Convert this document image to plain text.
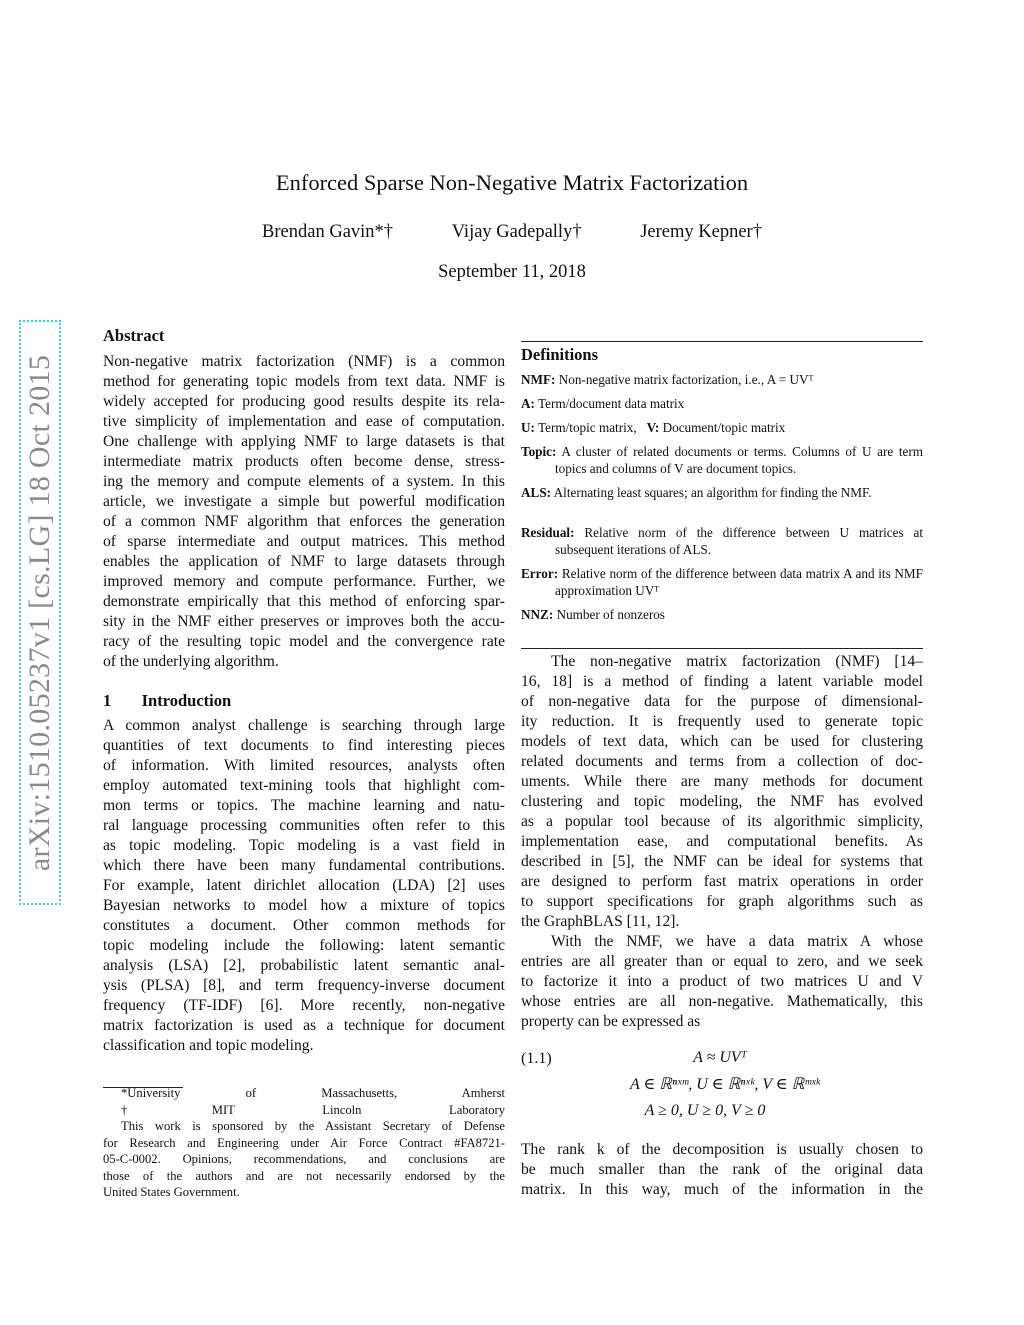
arXiv:1510.05237v1 [cs.LG] 18 Oct 2015
Enforced Sparse Non-Negative Matrix Factorization
Brendan Gavin*†	Vijay Gadepally†	Jeremy Kepner†
September 11, 2018
Abstract
Non-negative matrix factorization (NMF) is a common
method for generating topic models from text data. NMF is
widely accepted for producing good results despite its rela-
tive simplicity of implementation and ease of computation.
One challenge with applying NMF to large datasets is that
intermediate matrix products often become dense, stress-
ing the memory and compute elements of a system. In this
article, we investigate a simple but powerful modification
of a common NMF algorithm that enforces the generation
of sparse intermediate and output matrices. This method
enables the application of NMF to large datasets through
improved memory and compute performance. Further, we
demonstrate empirically that this method of enforcing spar-
sity in the NMF either preserves or improves both the accu-
racy of the resulting topic model and the convergence rate
of the underlying algorithm.
1   Introduction
A common analyst challenge is searching through large
quantities of text documents to find interesting pieces
of information. With limited resources, analysts often
employ automated text-mining tools that highlight com-
mon terms or topics. The machine learning and natu-
ral language processing communities often refer to this
as topic modeling. Topic modeling is a vast field in
which there have been many fundamental contributions.
For example, latent dirichlet allocation (LDA) [2] uses
Bayesian networks to model how a mixture of topics
constitutes a document. Other common methods for
topic modeling include the following: latent semantic
analysis (LSA) [2], probabilistic latent semantic anal-
ysis (PLSA) [8], and term frequency-inverse document
frequency (TF-IDF) [6]. More recently, non-negative
matrix factorization is used as a technique for document
classification and topic modeling.
*University of Massachusetts, Amherst
†MIT Lincoln Laboratory
This work is sponsored by the Assistant Secretary of Defense
for Research and Engineering under Air Force Contract #FA8721-
05-C-0002. Opinions, recommendations, and conclusions are
those of the authors and are not necessarily endorsed by the
United States Government.
Definitions
NMF: Non-negative matrix factorization, i.e., A = UVᵀ
A: Term/document data matrix
U: Term/topic matrix, V: Document/topic matrix
Topic: A cluster of related documents or terms. Columns of U are term topics and columns of V are document topics.
ALS: Alternating least squares; an algorithm for finding the NMF.
Residual: Relative norm of the difference between U matrices at subsequent iterations of ALS.
Error: Relative norm of the difference between data matrix A and its NMF approximation UVᵀ
NNZ: Number of nonzeros
The non-negative matrix factorization (NMF) [14–
16, 18] is a method of finding a latent variable model
of non-negative data for the purpose of dimensional-
ity reduction. It is frequently used to generate topic
models of text data, which can be used for clustering
related documents and terms from a collection of doc-
uments. While there are many methods for document
clustering and topic modeling, the NMF has evolved
as a popular tool because of its algorithmic simplicity,
implementation ease, and computational benefits. As
described in [5], the NMF can be ideal for systems that
are designed to perform fast matrix operations in order
to support specifications for graph algorithms such as
the GraphBLAS [11, 12].
With the NMF, we have a data matrix A whose
entries are all greater than or equal to zero, and we seek
to factorize it into a product of two matrices U and V
whose entries are all non-negative. Mathematically, this
property can be expressed as
(1.1)	A ≈ UVᵀ
A ∈ ℝⁿˣᵐ, U ∈ ℝⁿˣᵏ, V ∈ ℝᵐˣᵏ
A ≥ 0, U ≥ 0, V ≥ 0
The rank k of the decomposition is usually chosen to
be much smaller than the rank of the original data
matrix. In this way, much of the information in the
